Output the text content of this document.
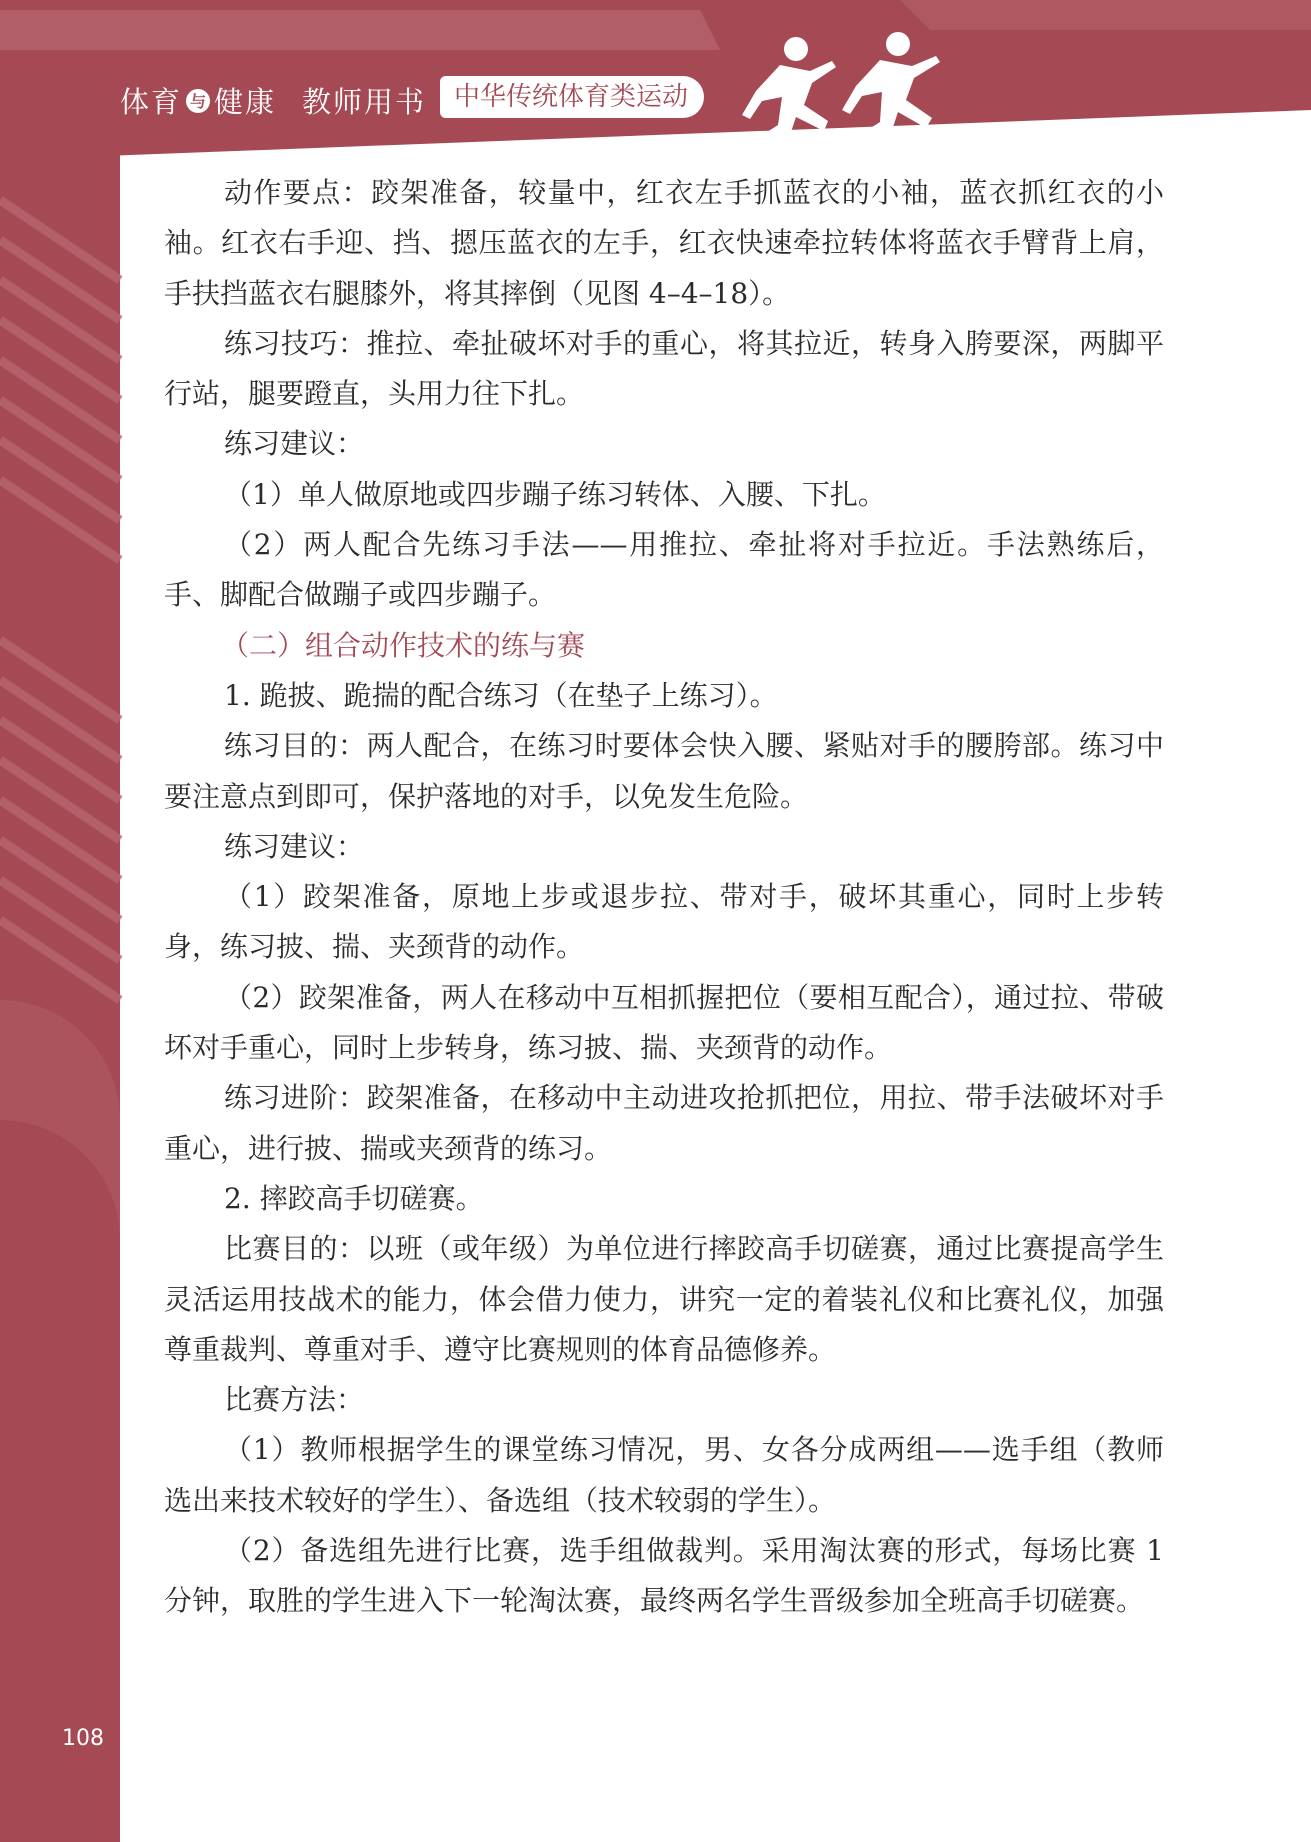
体育 与 健康 教师用书	中华传统体育类运动

动作要点：跤架准备，较量中，红衣左手抓蓝衣的小袖，蓝衣抓红衣的小袖。红衣右手迎、挡、摁压蓝衣的左手，红衣快速牵拉转体将蓝衣手臂背上肩，手扶挡蓝衣右腿膝外，将其摔倒（见图 4–4–18）。

练习技巧：推拉、牵扯破坏对手的重心，将其拉近，转身入胯要深，两脚平行站，腿要蹬直，头用力往下扎。

练习建议：

（1）单人做原地或四步蹦子练习转体、入腰、下扎。

（2）两人配合先练习手法——用推拉、牵扯将对手拉近。手法熟练后，手、脚配合做蹦子或四步蹦子。

（二）组合动作技术的练与赛

1. 跪披、跪揣的配合练习（在垫子上练习）。

练习目的：两人配合，在练习时要体会快入腰、紧贴对手的腰胯部。练习中要注意点到即可，保护落地的对手，以免发生危险。

练习建议：

（1）跤架准备，原地上步或退步拉、带对手，破坏其重心，同时上步转身，练习披、揣、夹颈背的动作。

（2）跤架准备，两人在移动中互相抓握把位（要相互配合），通过拉、带破坏对手重心，同时上步转身，练习披、揣、夹颈背的动作。

练习进阶：跤架准备，在移动中主动进攻抢抓把位，用拉、带手法破坏对手重心，进行披、揣或夹颈背的练习。

2. 摔跤高手切磋赛。

比赛目的：以班（或年级）为单位进行摔跤高手切磋赛，通过比赛提高学生灵活运用技战术的能力，体会借力使力，讲究一定的着装礼仪和比赛礼仪，加强尊重裁判、尊重对手、遵守比赛规则的体育品德修养。

比赛方法：

（1）教师根据学生的课堂练习情况，男、女各分成两组——选手组（教师选出来技术较好的学生）、备选组（技术较弱的学生）。

（2）备选组先进行比赛，选手组做裁判。采用淘汰赛的形式，每场比赛 1 分钟，取胜的学生进入下一轮淘汰赛，最终两名学生晋级参加全班高手切磋赛。

108
